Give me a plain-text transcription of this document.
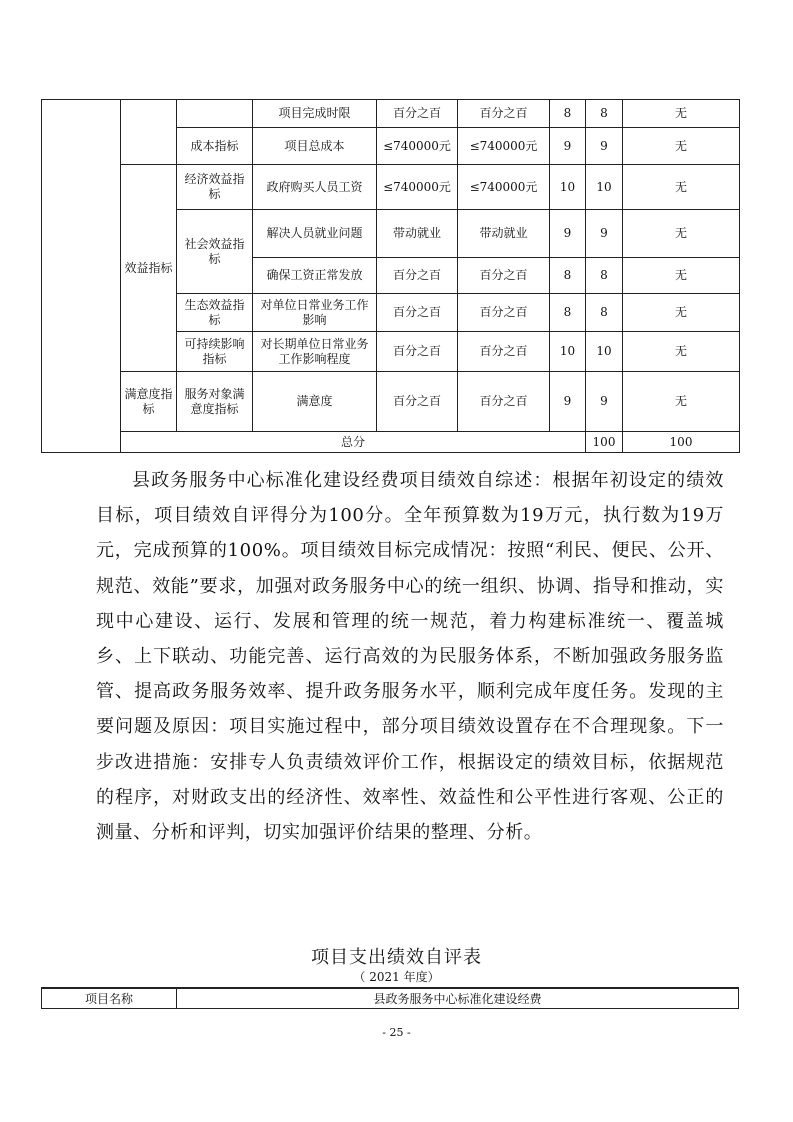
			项目完成时限	百分之百	百分之百	8	8	无	

		成本指标	项目总成本	≤740000元	≤740000元	9	9	无	

	效益指标	经济效益指标	政府购买人员工资	≤740000元	≤740000元	10	10	无	

		社会效益指标	解决人员就业问题	带动就业	带动就业	9	9	无	

			确保工资正常发放	百分之百	百分之百	8	8	无	

		生态效益指标	对单位日常业务工作影响	百分之百	百分之百	8	8	无	

		可持续影响指标	对长期单位日常业务工作影响程度	百分之百	百分之百	10	10	无	

	满意度指标	服务对象满意度指标	满意度	百分之百	百分之百	9	9	无	

	总分						100	100	

县政务服务中心标准化建设经费项目绩效自综述：根据年初设定的绩效目标，项目绩效自评得分为100分。全年预算数为19万元，执行数为19万元，完成预算的100%。项目绩效目标完成情况：按照“利民、便民、公开、规范、效能”要求，加强对政务服务中心的统一组织、协调、指导和推动，实现中心建设、运行、发展和管理的统一规范，着力构建标准统一、覆盖城乡、上下联动、功能完善、运行高效的为民服务体系，不断加强政务服务监管、提高政务服务效率、提升政务服务水平，顺利完成年度任务。发现的主要问题及原因：项目实施过程中，部分项目绩效设置存在不合理现象。下一步改进措施：安排专人负责绩效评价工作，根据设定的绩效目标，依据规范的程序，对财政支出的经济性、效率性、效益性和公平性进行客观、公正的测量、分析和评判，切实加强评价结果的整理、分析。

项目支出绩效自评表

（ 2021 年度）

项目名称	县政务服务中心标准化建设经费

- 25 -
